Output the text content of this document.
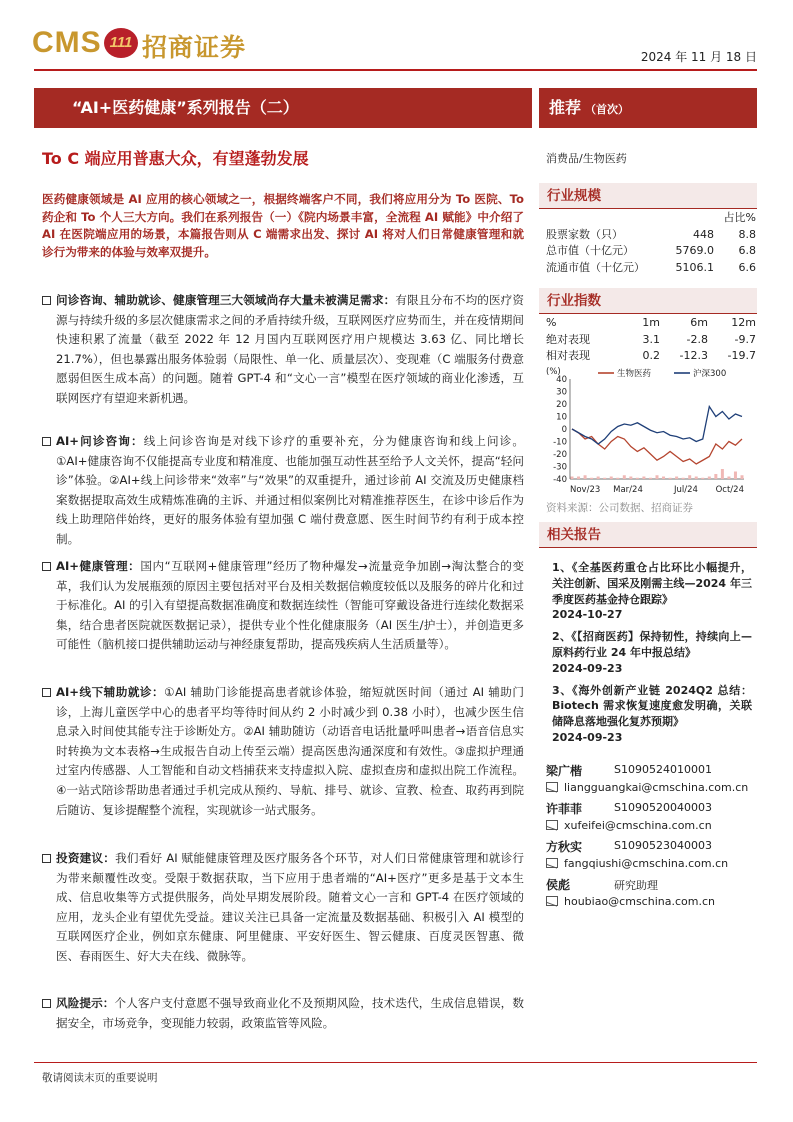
CMS 111 招商证券	2024 年 11 月 18 日
“AI+医药健康”系列报告（二）	推荐 （首次）
To C 端应用普惠大众，有望蓬勃发展	消费品/生物医药
医药健康领域是 AI 应用的核心领域之一，根据终端客户不同，我们将应用分为 To 医院、To 药企和 To 个人三大方向。我们在系列报告（一）《院内场景丰富，全流程 AI 赋能》中介绍了 AI 在医院端应用的场景，本篇报告则从 C 端需求出发、探讨 AI 将对人们日常健康管理和就诊行为带来的体验与效率双提升。
问诊咨询、辅助就诊、健康管理三大领域尚存大量未被满足需求：有限且分布不均的医疗资源与持续升级的多层次健康需求之间的矛盾持续升级，互联网医疗应势而生，并在疫情期间快速积累了流量（截至 2022 年 12 月国内互联网医疗用户规模达 3.63 亿、同比增长 21.7%），但也暴露出服务体验弱（局限性、单一化、质量层次）、变现难（C 端服务付费意愿弱但医生成本高）的问题。随着 GPT-4 和“文心一言”模型在医疗领域的商业化渗透，互联网医疗有望迎来新机遇。
AI+问诊咨询：线上问诊咨询是对线下诊疗的重要补充，分为健康咨询和线上问诊。①AI+健康咨询不仅能提高专业度和精准度、也能加强互动性甚至给予人文关怀，提高“轻问诊”体验。②AI+线上问诊带来“效率”与“效果”的双重提升，通过诊前 AI 交流及历史健康档案数据提取高效生成精炼准确的主诉、并通过相似案例比对精准推荐医生，在诊中诊后作为线上助理陪伴始终，更好的服务体验有望加强 C 端付费意愿、医生时间节约有利于成本控制。
AI+健康管理：国内“互联网+健康管理”经历了物种爆发→流量竞争加剧→淘汰整合的变革，我们认为发展瓶颈的原因主要包括对平台及相关数据信赖度较低以及服务的碎片化和过于标准化。AI 的引入有望提高数据准确度和数据连续性（智能可穿戴设备进行连续化数据采集，结合患者医院就医数据记录），提供专业个性化健康服务（AI 医生/护士），并创造更多可能性（脑机接口提供辅助运动与神经康复帮助，提高残疾病人生活质量等）。
AI+线下辅助就诊：①AI 辅助门诊能提高患者就诊体验，缩短就医时间（通过 AI 辅助门诊，上海儿童医学中心的患者平均等待时间从约 2 小时减少到 0.38 小时），也减少医生信息录入时间使其能专注于诊断处方。②AI 辅助随访（动语音电话批量呼叫患者→语音信息实时转换为文本表格→生成报告自动上传至云端）提高医患沟通深度和有效性。③虚拟护理通过室内传感器、人工智能和自动文档捕获来支持虚拟入院、虚拟查房和虚拟出院工作流程。④一站式陪诊帮助患者通过手机完成从预约、导航、排号、就诊、宣教、检查、取药再到院后随访、复诊提醒整个流程，实现就诊一站式服务。
投资建议：我们看好 AI 赋能健康管理及医疗服务各个环节，对人们日常健康管理和就诊行为带来颠覆性改变。受限于数据获取，当下应用于患者端的“AI+医疗”更多是基于文本生成、信息收集等方式提供服务，尚处早期发展阶段。随着文心一言和 GPT-4 在医疗领域的应用，龙头企业有望优先受益。建议关注已具备一定流量及数据基础、积极引入 AI 模型的互联网医疗企业，例如京东健康、阿里健康、平安好医生、智云健康、百度灵医智惠、微医、春雨医生、好大夫在线、微脉等。
风险提示：个人客户支付意愿不强导致商业化不及预期风险，技术迭代，生成信息错误，数据安全，市场竞争，变现能力较弱，政策监管等风险。
行业规模
占比%
股票家数（只）	448	8.8
总市值（十亿元）	5769.0	6.8
流通市值（十亿元）	5106.1	6.6
行业指数
%	1m	6m	12m
绝对表现	3.1	-2.8	-9.7
相对表现	0.2	-12.3	-19.7
(%)
40
30
20
10
0
-10
-20
-30
-40
Nov/23 Mar/24	Jul/24 Oct/24
生物医药	沪深300
资料来源：公司数据、招商证券
相关报告
1、《全基医药重仓占比环比小幅提升，关注创新、国采及刚需主线—2024 年三季度医药基金持仓跟踪》
2024-10-27
2、《【招商医药】保持韧性，持续向上—原料药行业 24 年中报总结》
2024-09-23
3、《海外创新产业链 2024Q2 总结：Biotech 需求恢复速度愈发明确，关联储降息落地强化复苏预期》
2024-09-23
梁广楷	S1090524010001
liangguangkai@cmschina.com.cn
许菲菲	S1090520040003
xufeifei@cmschina.com.cn
方秋实	S1090523040003
fangqiushi@cmschina.com.cn
侯彪	研究助理
houbiao@cmschina.com.cn
敬请阅读末页的重要说明
